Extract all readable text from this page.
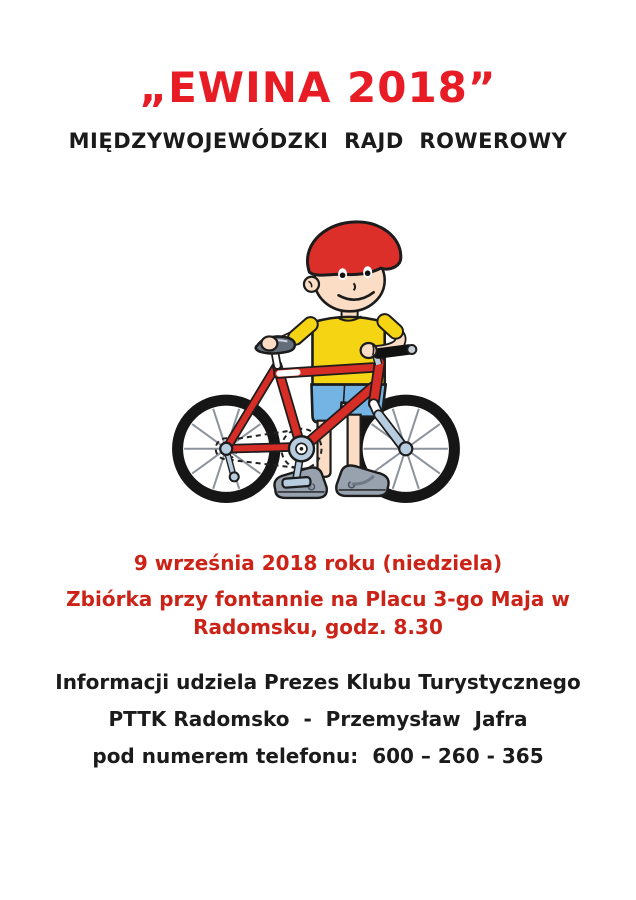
„EWINA 2018”
MIĘDZYWOJEWÓDZKI  RAJD  ROWEROWY

9 września 2018 roku (niedziela)

Zbiórka przy fontannie na Placu 3-go Maja w
Radomsku, godz. 8.30

Informacji udziela Prezes Klubu Turystycznego

PTTK Radomsko  -  Przemysław  Jafra

pod numerem telefonu:  600 – 260 - 365
